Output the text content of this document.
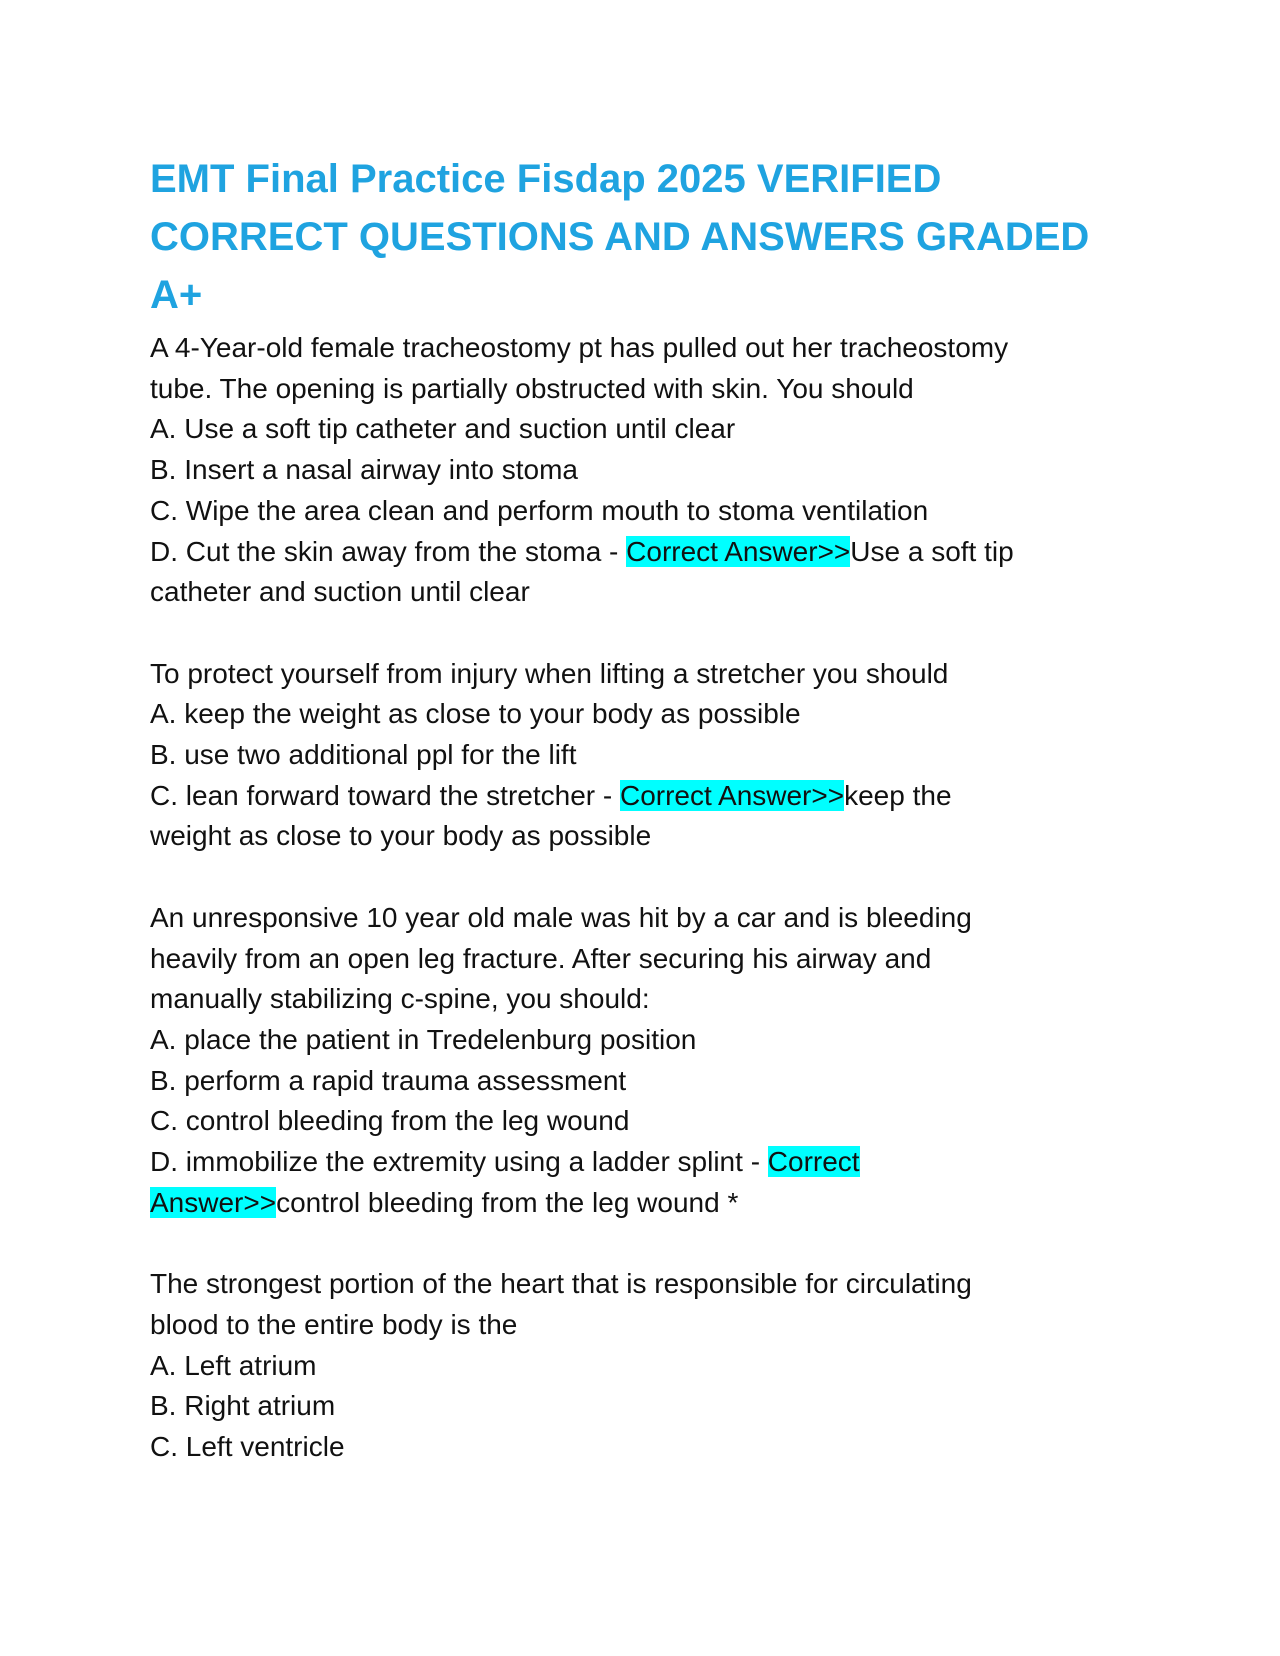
EMT Final Practice Fisdap 2025 VERIFIED CORRECT QUESTIONS AND ANSWERS GRADED A+
A 4-Year-old female tracheostomy pt has pulled out her tracheostomy
tube. The opening is partially obstructed with skin. You should
A. Use a soft tip catheter and suction until clear
B. Insert a nasal airway into stoma
C. Wipe the area clean and perform mouth to stoma ventilation
D. Cut the skin away from the stoma - Correct Answer>>Use a soft tip
catheter and suction until clear
To protect yourself from injury when lifting a stretcher you should
A. keep the weight as close to your body as possible
B. use two additional ppl for the lift
C. lean forward toward the stretcher - Correct Answer>>keep the
weight as close to your body as possible
An unresponsive 10 year old male was hit by a car and is bleeding
heavily from an open leg fracture. After securing his airway and
manually stabilizing c-spine, you should:
A. place the patient in Tredelenburg position
B. perform a rapid trauma assessment
C. control bleeding from the leg wound
D. immobilize the extremity using a ladder splint - Correct
Answer>>control bleeding from the leg wound *
The strongest portion of the heart that is responsible for circulating
blood to the entire body is the
A. Left atrium
B. Right atrium
C. Left ventricle
